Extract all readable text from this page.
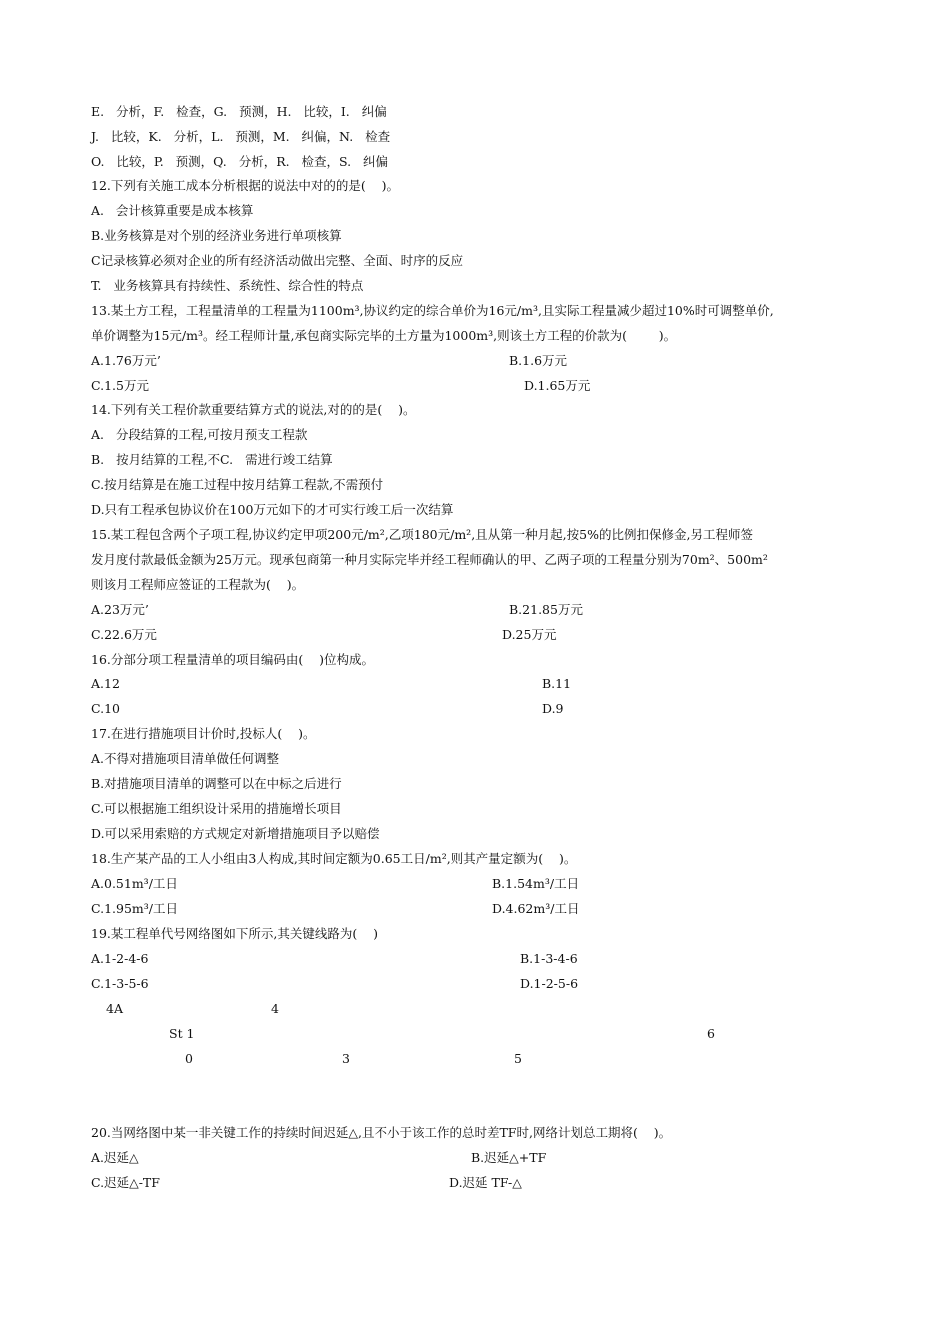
E.   分析，F.   检查，G.   预测，H.   比较，I.   纠偏
J.   比较，K.   分析，L.   预测，M.   纠偏，N.   检查
O.   比较，P.   预测，Q.   分析，R.   检查，S.   纠偏
12.下列有关施工成本分析根据的说法中对的的是(    )。
A.   会计核算重要是成本核算
B.业务核算是对个别的经济业务进行单项核算
C记录核算必须对企业的所有经济活动做出完整、全面、时序的反应
T.   业务核算具有持续性、系统性、综合性的特点
13.某土方工程，工程量清单的工程量为1100m³,协议约定的综合单价为16元/m³,且实际工程量减少超过10%时可调整单价,
单价调整为15元/m³。经工程师计量,承包商实际完毕的土方量为1000m³,则该土方工程的价款为(        )。
A.1.76万元’	B.1.6万元
C.1.5万元	D.1.65万元
14.下列有关工程价款重要结算方式的说法,对的的是(    )。
A.   分段结算的工程,可按月预支工程款
B.   按月结算的工程,不C.   需进行竣工结算
C.按月结算是在施工过程中按月结算工程款,不需预付
D.只有工程承包协议价在100万元如下的才可实行竣工后一次结算
15.某工程包含两个子项工程,协议约定甲项200元/m²,乙项180元/m²,且从第一种月起,按5%的比例扣保修金,另工程师签
发月度付款最低金额为25万元。现承包商第一种月实际完毕并经工程师确认的甲、乙两子项的工程量分别为70m²、500m²
则该月工程师应签证的工程款为(    )。
A.23万元’	B.21.85万元
C.22.6万元	D.25万元
16.分部分项工程量清单的项目编码由(    )位构成。
A.12	B.11
C.10	D.9
17.在进行措施项目计价时,投标人(    )。
A.不得对措施项目清单做任何调整
B.对措施项目清单的调整可以在中标之后进行
C.可以根据施工组织设计采用的措施增长项目
D.可以采用索赔的方式规定对新增措施项目予以赔偿
18.生产某产品的工人小组由3人构成,其时间定额为0.65工日/m²,则其产量定额为(    )。
A.0.51m³/工日	B.1.54m³/工日
C.1.95m³/工日	D.4.62m³/工日
19.某工程单代号网络图如下所示,其关键线路为(    )
A.1-2-4-6	B.1-3-4-6
C.1-3-5-6	D.1-2-5-6
4A	4
St 1	6
0	3	5
20.当网络图中某一非关键工作的持续时间迟延△,且不小于该工作的总时差TF时,网络计划总工期将(    )。
A.迟延△	B.迟延△+TF
C.迟延△-TF	D.迟延 TF-△
